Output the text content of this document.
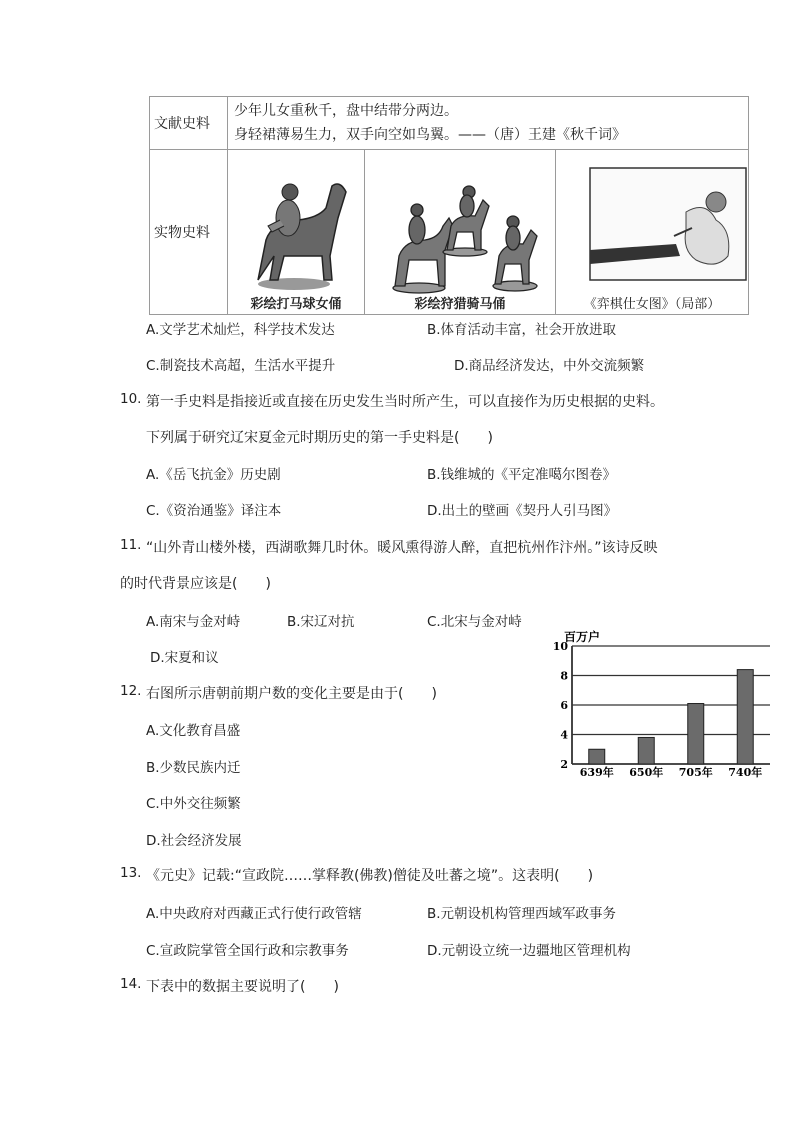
文献史料	少年儿女重秋千，盘中结带分两边。
身轻裙薄易生力，双手向空如鸟翼。——（唐）王建《秋千词》		

实物史料	彩绘打马球女俑	彩绘狩猎骑马俑	《弈棋仕女图》（局部）
A.文学艺术灿烂，科学技术发达	B.体育活动丰富，社会开放进取
C.制瓷技术高超，生活水平提升	D.商品经济发达，中外交流频繁
10. 第一手史料是指接近或直接在历史发生当时所产生，可以直接作为历史根据的史料。
下列属于研究辽宋夏金元时期历史的第一手史料是(　　)
A.《岳飞抗金》历史剧	B.钱维城的《平定准噶尔图卷》
C.《资治通鉴》译注本	D.出土的壁画《契丹人引马图》
11. “山外青山楼外楼，西湖歌舞几时休。暖风熏得游人醉，直把杭州作汴州。”该诗反映
的时代背景应该是(　　)
A.南宋与金对峙	B.宋辽对抗	C.北宋与金对峙
D.宋夏和议
12. 右图所示唐朝前期户数的变化主要是由于(　　)
A.文化教育昌盛
B.少数民族内迁
C.中外交往频繁
D.社会经济发展
百万户
2
4
6
8
10
639年 650年 705年 740年
13. 《元史》记载:“宣政院……掌释教(佛教)僧徒及吐蕃之境”。这表明(　　)
A.中央政府对西藏正式行使行政管辖	B.元朝设机构管理西域军政事务
C.宣政院掌管全国行政和宗教事务	D.元朝设立统一边疆地区管理机构
14. 下表中的数据主要说明了(　　)
